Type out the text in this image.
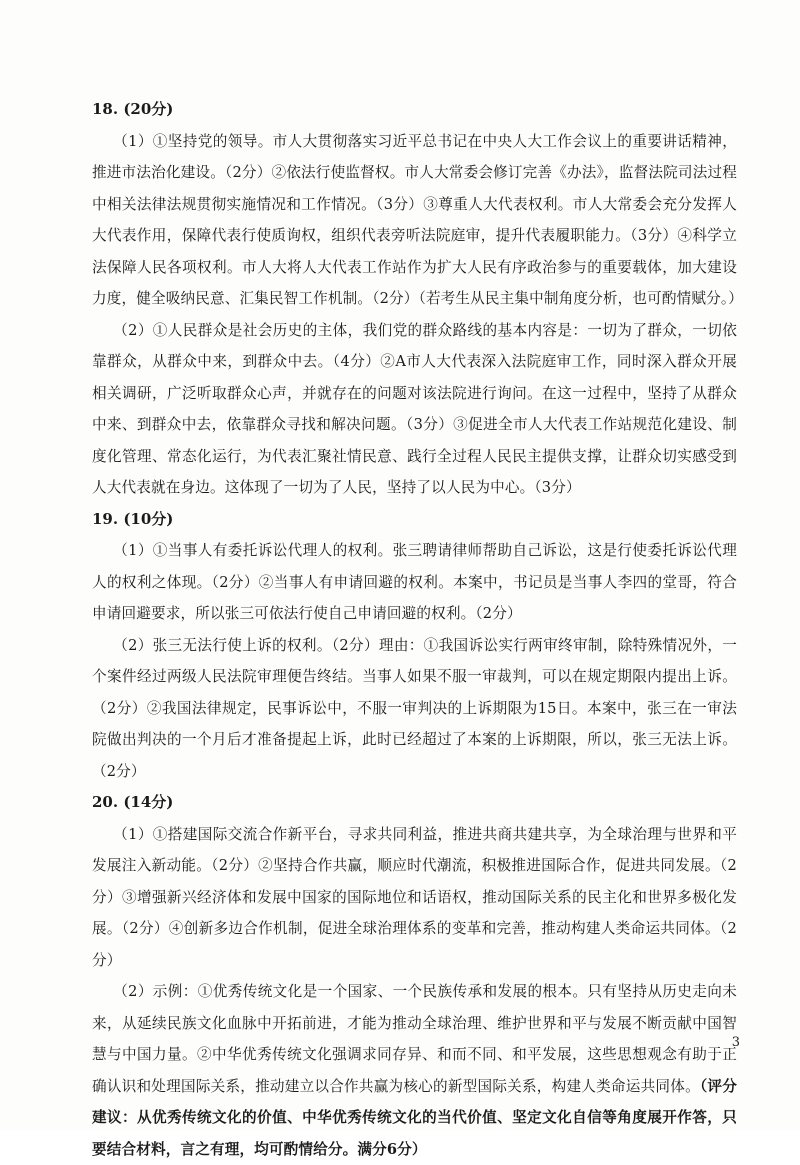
18. (20分)

（1）①坚持党的领导。市人大贯彻落实习近平总书记在中央人大工作会议上的重要讲话精神，推进市法治化建设。（2分）②依法行使监督权。市人大常委会修订完善《办法》，监督法院司法过程中相关法律法规贯彻实施情况和工作情况。（3分）③尊重人大代表权利。市人大常委会充分发挥人大代表作用，保障代表行使质询权，组织代表旁听法院庭审，提升代表履职能力。（3分）④科学立法保障人民各项权利。市人大将人大代表工作站作为扩大人民有序政治参与的重要载体，加大建设力度，健全吸纳民意、汇集民智工作机制。（2分）（若考生从民主集中制角度分析，也可酌情赋分。）

（2）①人民群众是社会历史的主体，我们党的群众路线的基本内容是：一切为了群众，一切依靠群众，从群众中来，到群众中去。（4分）②A市人大代表深入法院庭审工作，同时深入群众开展相关调研，广泛听取群众心声，并就存在的问题对该法院进行询问。在这一过程中，坚持了从群众中来、到群众中去，依靠群众寻找和解决问题。（3分）③促进全市人大代表工作站规范化建设、制度化管理、常态化运行，为代表汇聚社情民意、践行全过程人民民主提供支撑，让群众切实感受到人大代表就在身边。这体现了一切为了人民，坚持了以人民为中心。（3分）

19. (10分)

（1）①当事人有委托诉讼代理人的权利。张三聘请律师帮助自己诉讼，这是行使委托诉讼代理人的权利之体现。（2分）②当事人有申请回避的权利。本案中，书记员是当事人李四的堂哥，符合申请回避要求，所以张三可依法行使自己申请回避的权利。（2分）

（2）张三无法行使上诉的权利。（2分）理由：①我国诉讼实行两审终审制，除特殊情况外，一个案件经过两级人民法院审理便告终结。当事人如果不服一审裁判，可以在规定期限内提出上诉。（2分）②我国法律规定，民事诉讼中，不服一审判决的上诉期限为15日。本案中，张三在一审法院做出判决的一个月后才准备提起上诉，此时已经超过了本案的上诉期限，所以，张三无法上诉。（2分）

20. (14分)

（1）①搭建国际交流合作新平台，寻求共同利益，推进共商共建共享，为全球治理与世界和平发展注入新动能。（2分）②坚持合作共赢，顺应时代潮流，积极推进国际合作，促进共同发展。（2分）③增强新兴经济体和发展中国家的国际地位和话语权，推动国际关系的民主化和世界多极化发展。（2分）④创新多边合作机制，促进全球治理体系的变革和完善，推动构建人类命运共同体。（2分）

（2）示例：①优秀传统文化是一个国家、一个民族传承和发展的根本。只有坚持从历史走向未来，从延续民族文化血脉中开拓前进，才能为推动全球治理、维护世界和平与发展不断贡献中国智慧与中国力量。②中华优秀传统文化强调求同存异、和而不同、和平发展，这些思想观念有助于正确认识和处理国际关系，推动建立以合作共赢为核心的新型国际关系，构建人类命运共同体。（评分建议：从优秀传统文化的价值、中华优秀传统文化的当代价值、坚定文化自信等角度展开作答，只要结合材料，言之有理，均可酌情给分。满分6分）

3
